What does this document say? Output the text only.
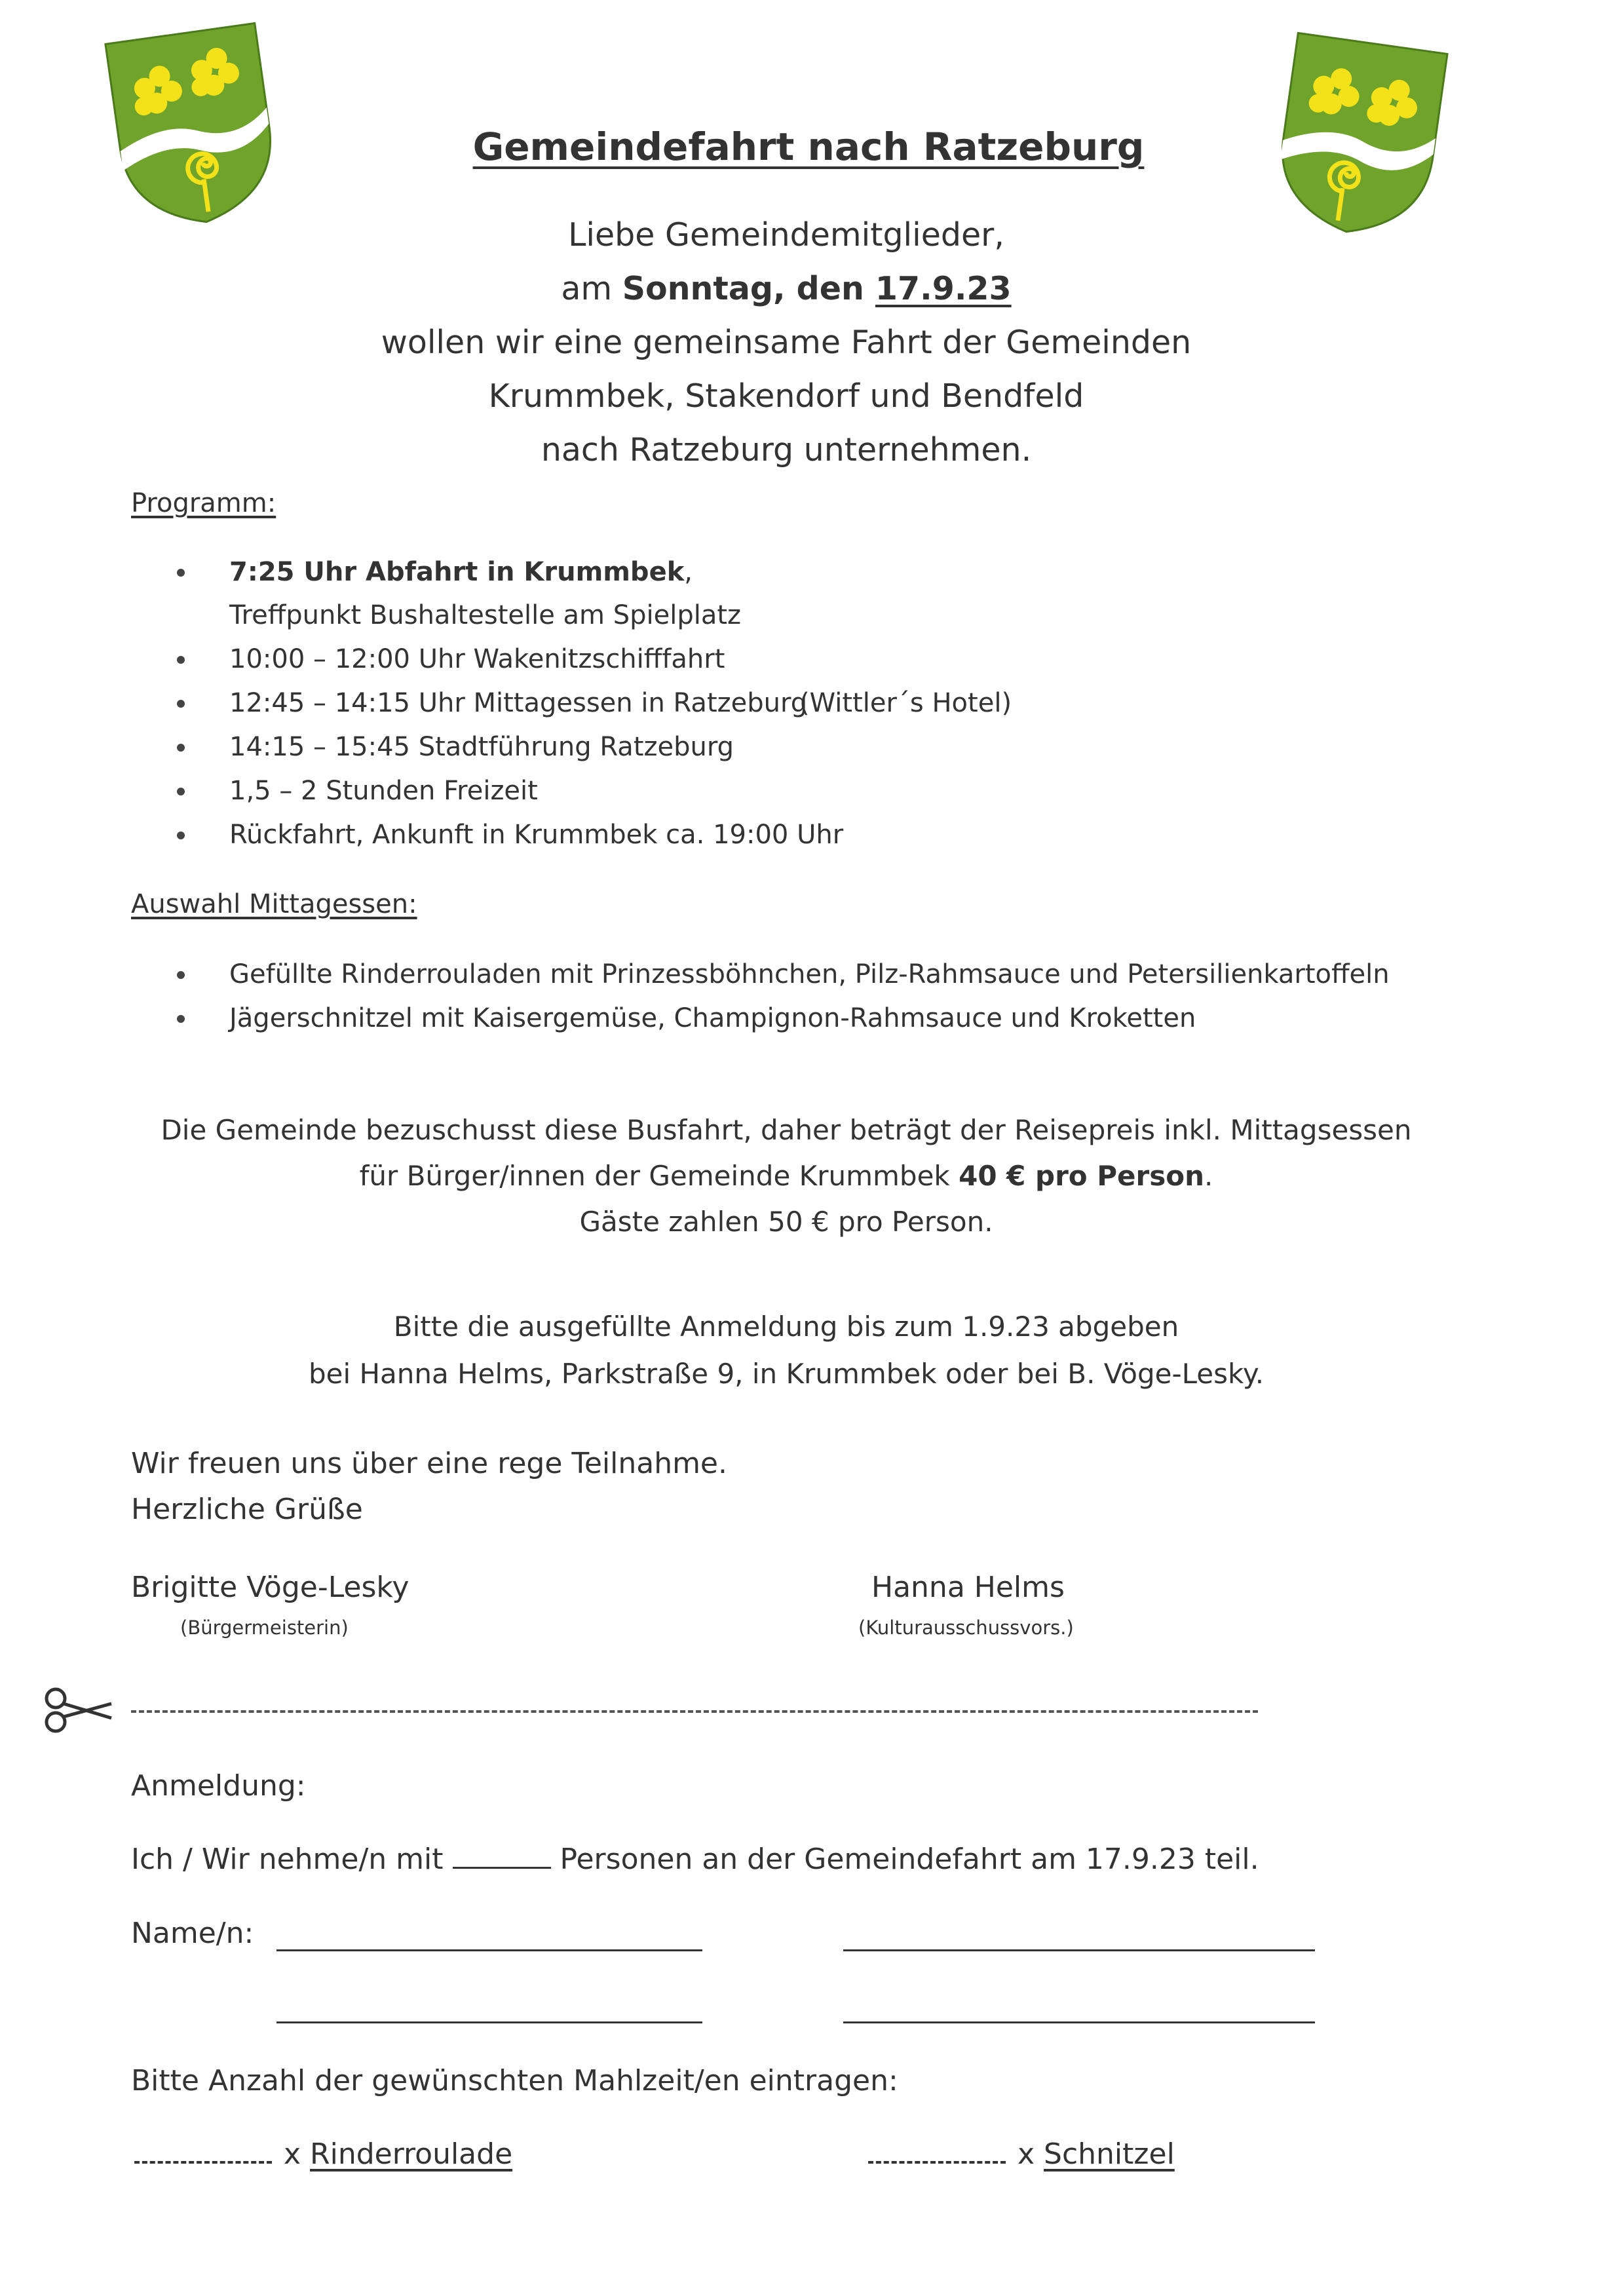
Gemeindefahrt nach Ratzeburg
Liebe Gemeindemitglieder,
am Sonntag, den 17.9.23
wollen wir eine gemeinsame Fahrt der Gemeinden
Krummbek, Stakendorf und Bendfeld
nach Ratzeburg unternehmen.
Programm:
7:25 Uhr Abfahrt in Krummbek,
Treffpunkt Bushaltestelle am Spielplatz
10:00 – 12:00 Uhr Wakenitzschifffahrt
12:45 – 14:15 Uhr Mittagessen in Ratzeburg
(Wittler´s Hotel)
14:15 – 15:45 Stadtführung Ratzeburg
1,5 – 2 Stunden Freizeit
Rückfahrt, Ankunft in Krummbek ca. 19:00 Uhr
Auswahl Mittagessen:
Gefüllte Rinderrouladen mit Prinzessböhnchen, Pilz-Rahmsauce und Petersilienkartoffeln
Jägerschnitzel mit Kaisergemüse, Champignon-Rahmsauce und Kroketten
Die Gemeinde bezuschusst diese Busfahrt, daher beträgt der Reisepreis inkl. Mittagsessen
für Bürger/innen der Gemeinde Krummbek 40 € pro Person.
Gäste zahlen 50 € pro Person.
Bitte die ausgefüllte Anmeldung bis zum 1.9.23 abgeben
bei Hanna Helms, Parkstraße 9, in Krummbek oder bei B. Vöge-Lesky.
Wir freuen uns über eine rege Teilnahme.
Herzliche Grüße
Brigitte Vöge-Lesky
(Bürgermeisterin)
Hanna Helms
(Kulturausschussvors.)
Anmeldung:
Ich / Wir nehme/n mit	Personen an der Gemeindefahrt am 17.9.23 teil.
Name/n:
Bitte Anzahl der gewünschten Mahlzeit/en eintragen:
x Rinderroulade	x Schnitzel
